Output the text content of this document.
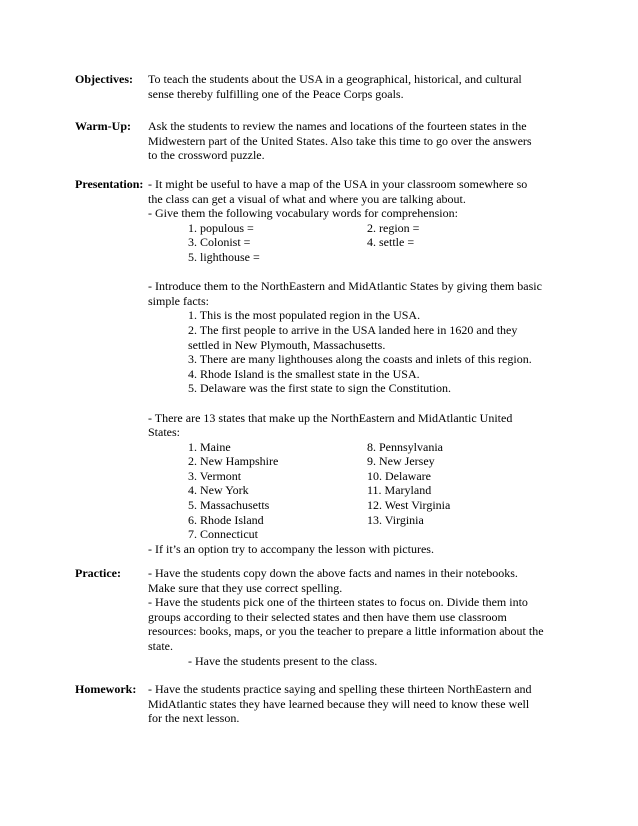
Objectives: To teach the students about the USA in a geographical, historical, and cultural
sense thereby fulfilling one of the Peace Corps goals.
Warm-Up: Ask the students to review the names and locations of the fourteen states in the
Midwestern part of the United States. Also take this time to go over the answers
to the crossword puzzle.
Presentation: - It might be useful to have a map of the USA in your classroom somewhere so
the class can get a visual of what and where you are talking about.
- Give them the following vocabulary words for comprehension:
1. populous =	2. region =
3. Colonist =	4. settle =
5. lighthouse =
- Introduce them to the NorthEastern and MidAtlantic States by giving them basic
simple facts:
1. This is the most populated region in the USA.
2. The first people to arrive in the USA landed here in 1620 and they
settled in New Plymouth, Massachusetts.
3. There are many lighthouses along the coasts and inlets of this region.
4. Rhode Island is the smallest state in the USA.
5. Delaware was the first state to sign the Constitution.
- There are 13 states that make up the NorthEastern and MidAtlantic United
States:
1. Maine	8. Pennsylvania
2. New Hampshire	9. New Jersey
3. Vermont	10. Delaware
4. New York	11. Maryland
5. Massachusetts	12. West Virginia
6. Rhode Island	13. Virginia
7. Connecticut
- If it’s an option try to accompany the lesson with pictures.
Practice: - Have the students copy down the above facts and names in their notebooks.
Make sure that they use correct spelling.
- Have the students pick one of the thirteen states to focus on. Divide them into
groups according to their selected states and then have them use classroom
resources: books, maps, or you the teacher to prepare a little information about the
state.
- Have the students present to the class.
Homework: - Have the students practice saying and spelling these thirteen NorthEastern and
MidAtlantic states they have learned because they will need to know these well
for the next lesson.
